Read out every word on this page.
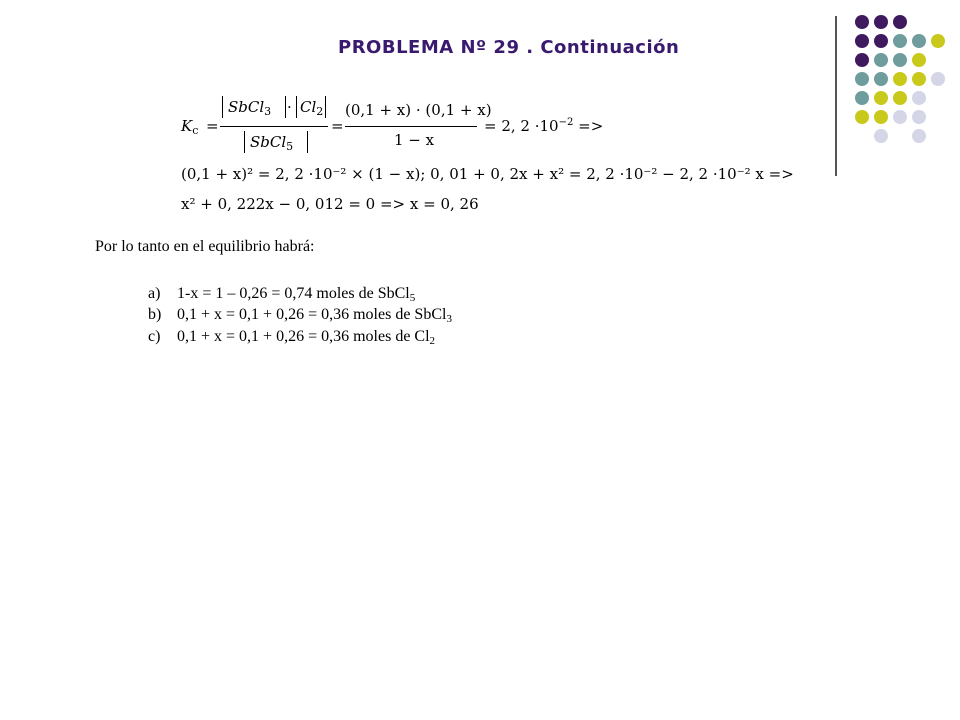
PROBLEMA Nº 29 . Continuación
$K_c$ =
SbCl$_3$ · $Cl_2$
SbCl$_5$
=
(0,1 + x) · (0,1 + x)
1 − x
= 2, $2 \cdot 10^{-2}$ =>
(0,1 + x)² = 2, 2 ·10⁻² × (1 − x); 0, 01 + 0, 2x + x² = 2, 2 ·10⁻² − 2, 2 ·10⁻² x =>
x² + 0, 222x − 0, 012 = 0 => x = 0, 26
Por lo tanto en el equilibrio habrá:
a) 1-x = 1 – 0,26 = 0,74 moles de SbCl$_5$
b) 0,1 + x = 0,1 + 0,26 = 0,36 moles de SbCl$_3$
c) 0,1 + x = 0,1 + 0,26 = 0,36 moles de $Cl_2$
